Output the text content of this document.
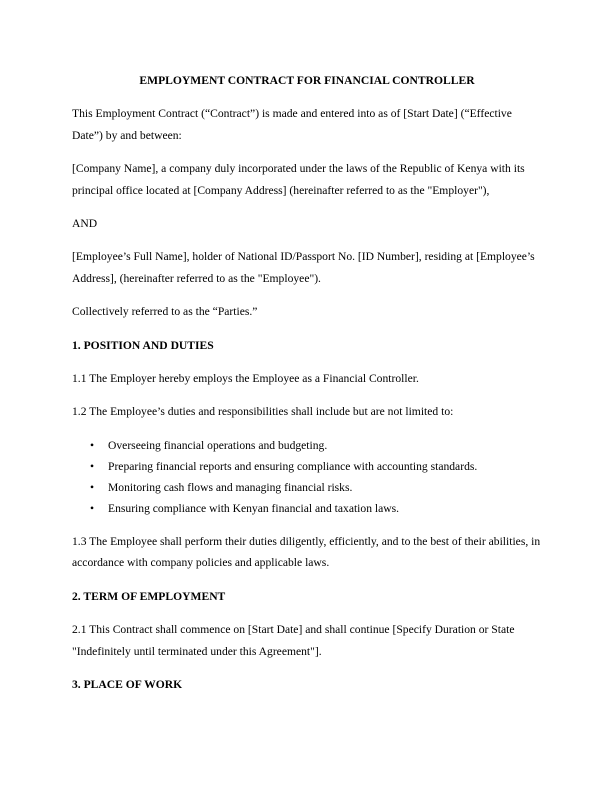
EMPLOYMENT CONTRACT FOR FINANCIAL CONTROLLER

This Employment Contract (“Contract”) is made and entered into as of [Start Date] (“Effective Date”) by and between:

[Company Name], a company duly incorporated under the laws of the Republic of Kenya with its principal office located at [Company Address] (hereinafter referred to as the "Employer"),

AND

[Employee’s Full Name], holder of National ID/Passport No. [ID Number], residing at [Employee’s Address], (hereinafter referred to as the "Employee").

Collectively referred to as the “Parties.”

1. POSITION AND DUTIES

1.1 The Employer hereby employs the Employee as a Financial Controller.

1.2 The Employee’s duties and responsibilities shall include but are not limited to:

• Overseeing financial operations and budgeting.
• Preparing financial reports and ensuring compliance with accounting standards.
• Monitoring cash flows and managing financial risks.
• Ensuring compliance with Kenyan financial and taxation laws.

1.3 The Employee shall perform their duties diligently, efficiently, and to the best of their abilities, in accordance with company policies and applicable laws.

2. TERM OF EMPLOYMENT

2.1 This Contract shall commence on [Start Date] and shall continue [Specify Duration or State "Indefinitely until terminated under this Agreement"].

3. PLACE OF WORK
